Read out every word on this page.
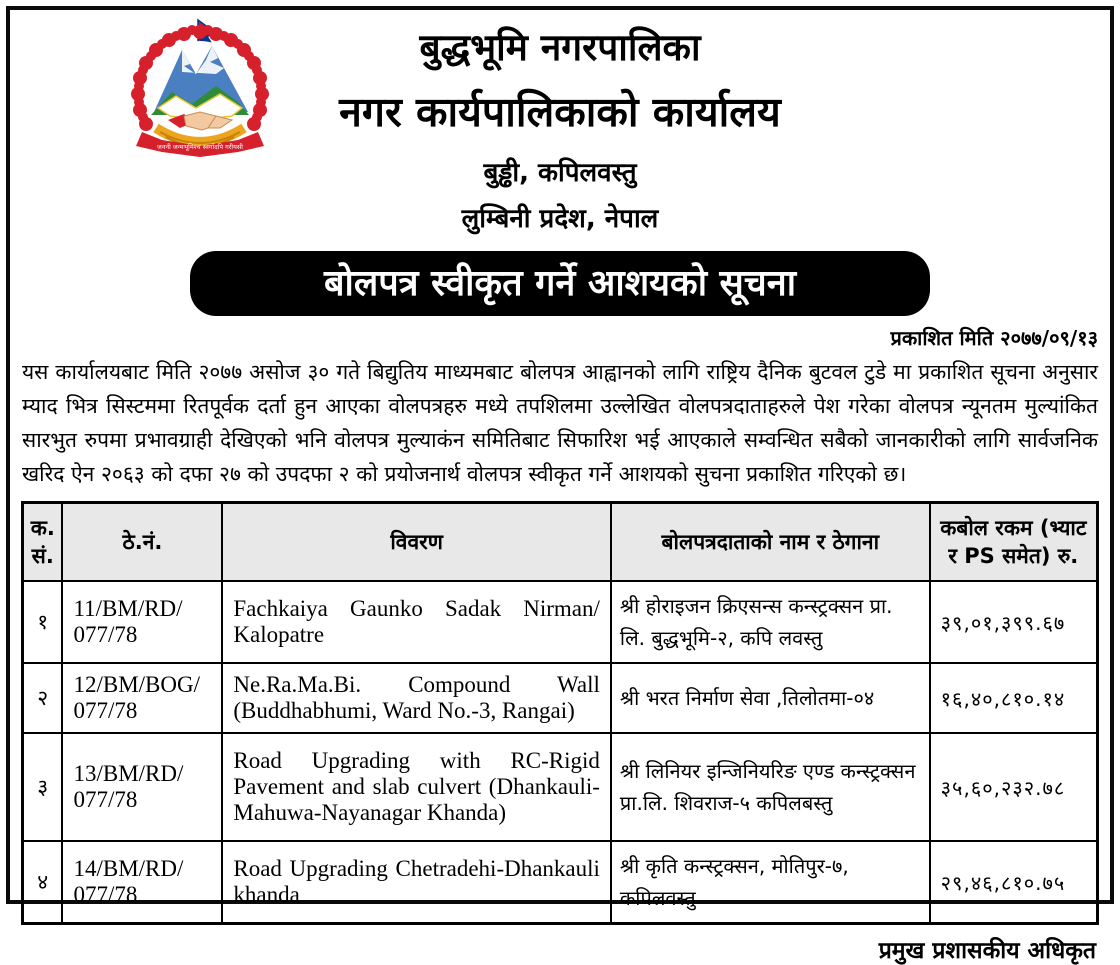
जननी जन्मभूमिश्च स्वर्गादपि गरीयसी
बुद्धभूमि नगरपालिका
नगर कार्यपालिकाको कार्यालय
बुड्ढी, कपिलवस्तु
लुम्बिनी प्रदेश, नेपाल
बोलपत्र स्वीकृत गर्ने आशयको सूचना
प्रकाशित मिति २०७७/०९/१३
यस कार्यालयबाट मिति २०७७ असोज ३० गते बिद्युतिय माध्यमबाट बोलपत्र आह्वानको लागि राष्ट्रिय दैनिक बुटवल टुडे मा प्रकाशित सूचना अनुसार म्याद भित्र सिस्टममा रितपूर्वक दर्ता हुन आएका वोलपत्रहरु मध्ये तपशिलमा उल्लेखित वोलपत्रदाताहरुले पेश गरेका वोलपत्र न्यूनतम मुल्यांकित सारभुत रुपमा प्रभावग्राही देखिएको भनि वोलपत्र मुल्याकंन समितिबाट सिफारिश भई आएकाले सम्वन्धित सबैको जानकारीको लागि सार्वजनिक खरिद ऐन २०६३ को दफा २७ को उपदफा २ को प्रयोजनार्थ वोलपत्र स्वीकृत गर्ने आशयको सुचना प्रकाशित गरिएको छ।
क. सं.	ठे.नं.	विवरण	बोलपत्रदाताको नाम र ठेगाना	कबोल रकम (भ्याट र PS समेत) रु.
१	11/BM/RD/ 077/78	Fachkaiya Gaunko Sadak Nirman/ Kalopatre	श्री होराइजन क्रिएसन्स कन्स्ट्रक्सन प्रा. लि. बुद्धभूमि-२, कपि लवस्तु	३९,०१,३९९.६७
२	12/BM/BOG/ 077/78	Ne.Ra.Ma.Bi. Compound Wall (Buddhabhumi, Ward No.-3, Rangai)	श्री भरत निर्माण सेवा ,तिलोतमा-०४	१६,४०,८१०.१४
३	13/BM/RD/ 077/78	Road Upgrading with RC-Rigid Pavement and slab culvert (Dhankauli-Mahuwa-Nayanagar Khanda)	श्री लिनियर इन्जिनियरिङ एण्ड कन्स्ट्रक्सन प्रा.लि. शिवराज-५ कपिलबस्तु	३५,६०,२३२.७८
४	14/BM/RD/ 077/78	Road Upgrading Chetradehi-Dhankauli khanda	श्री कृति कन्स्ट्रक्सन, मोतिपुर-७, कपिलवस्तु	२९,४६,८१०.७५
प्रमुख प्रशासकीय अधिकृत
